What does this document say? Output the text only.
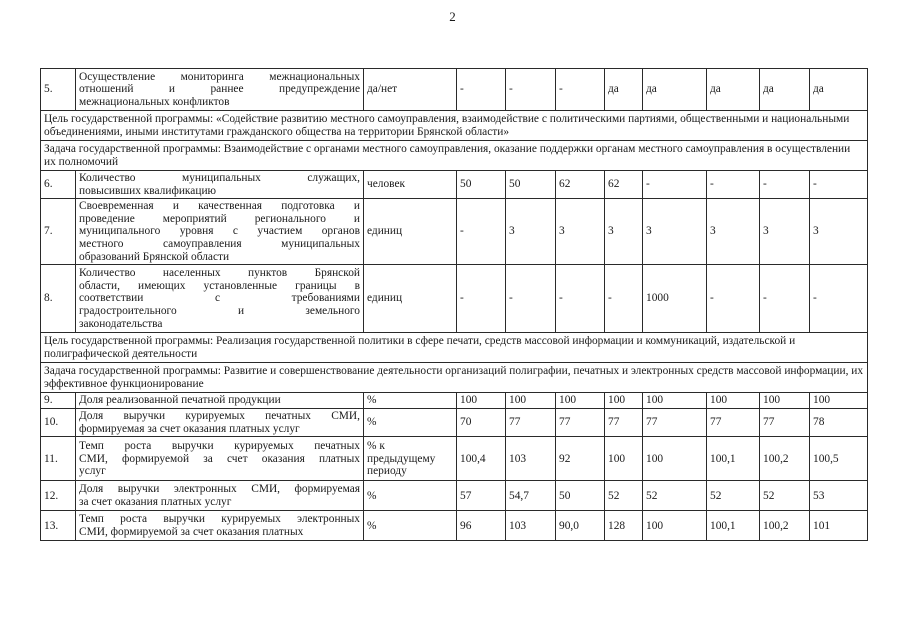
2
5.	Осуществление мониторинга межнациональных
отношений и раннее предупреждение
межнациональных конфликтов	да/нет	-	-	-	да	да	да	да	да
Цель государственной программы: «Содействие развитию местного самоуправления, взаимодействие с политическими партиями, общественными и национальными объединениями, иными институтами гражданского общества на территории Брянской области»										
Задача государственной программы: Взаимодействие с органами местного самоуправления, оказание поддержки органам местного самоуправления в осуществлении их полномочий										
6.	Количество муниципальных служащих,
повысивших квалификацию	человек	50	50	62	62	-	-	-	-
7.	Своевременная и качественная подготовка и
проведение мероприятий регионального и
муниципального уровня с участием органов
местного самоуправления муниципальных
образований Брянской области	единиц	-	3	3	3	3	3	3	3
8.	Количество населенных пунктов Брянской
области, имеющих установленные границы в
соответствии с требованиями
градостроительного и земельного
законодательства	единиц	-	-	-	-	1000	-	-	-
Цель государственной программы: Реализация государственной политики в сфере печати, средств массовой информации и коммуникаций, издательской и полиграфической деятельности										
Задача государственной программы: Развитие и совершенствование деятельности организаций полиграфии, печатных и электронных средств массовой информации, их эффективное функционирование										
9.	Доля реализованной печатной продукции	%	100	100	100	100	100	100	100	100
10.	Доля выручки курируемых печатных СМИ,
формируемая за счет оказания платных услуг	%	70	77	77	77	77	77	77	78
11.	Темп роста выручки курируемых печатных
СМИ, формируемой за счет оказания платных
услуг	% к предыдущему периоду	100,4	103	92	100	100	100,1	100,2	100,5
12.	Доля выручки электронных СМИ, формируемая
за счет оказания платных услуг	%	57	54,7	50	52	52	52	52	53
13.	Темп роста выручки курируемых электронных
СМИ, формируемой за счет оказания платных	%	96	103	90,0	128	100	100,1	100,2	101
